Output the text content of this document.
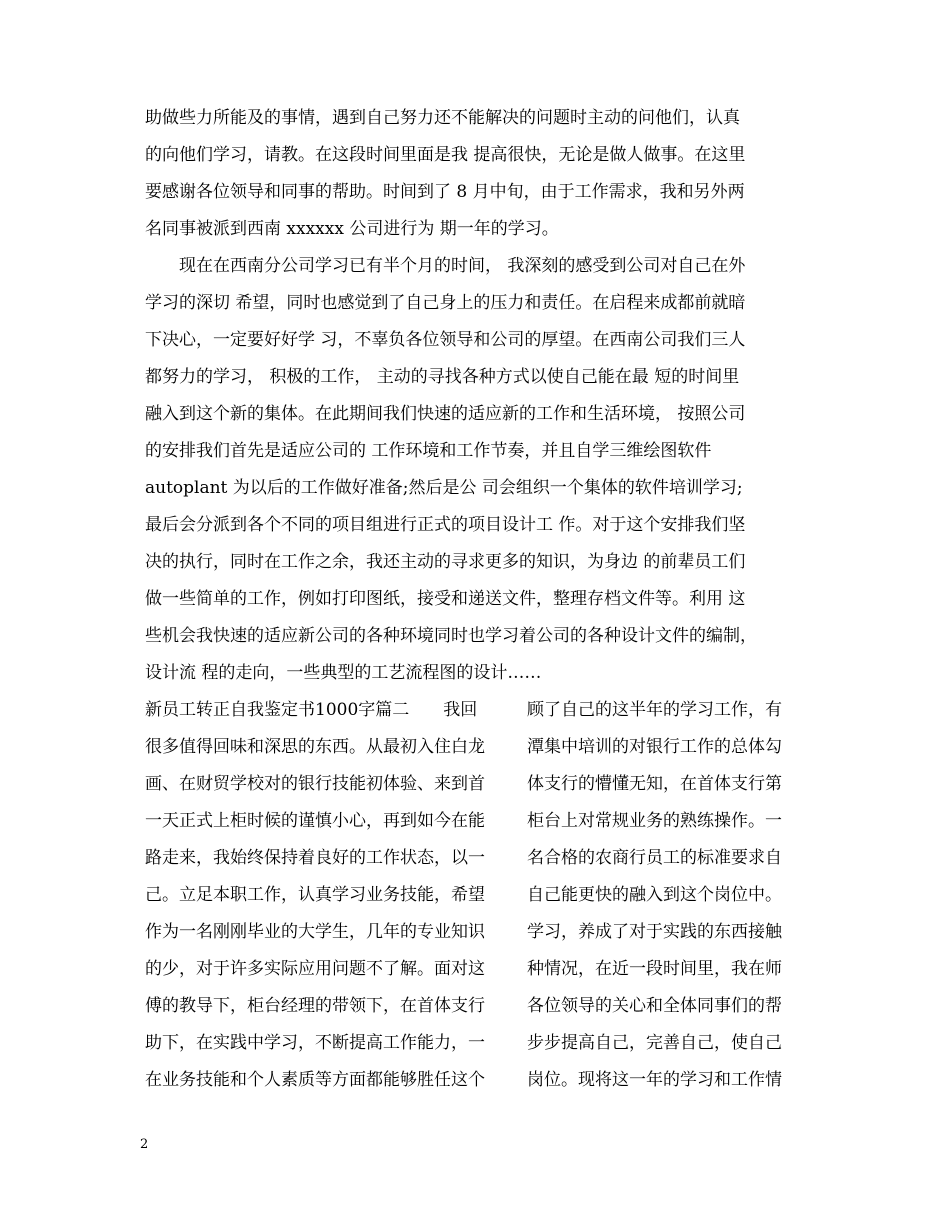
助做些力所能及的事情，遇到自己努力还不能解决的问题时主动的问他们，认真
的向他们学习，请教。在这段时间里面是我 提高很快，无论是做人做事。在这里
要感谢各位领导和同事的帮助。时间到了 8 月中旬，由于工作需求，我和另外两
名同事被派到西南 xxxxxx 公司进行为 期一年的学习。
　　现在在西南分公司学习已有半个月的时间， 我深刻的感受到公司对自己在外
学习的深切 希望，同时也感觉到了自己身上的压力和责任。在启程来成都前就暗
下决心，一定要好好学 习，不辜负各位领导和公司的厚望。在西南公司我们三人
都努力的学习， 积极的工作， 主动的寻找各种方式以使自己能在最 短的时间里
融入到这个新的集体。在此期间我们快速的适应新的工作和生活环境， 按照公司
的安排我们首先是适应公司的 工作环境和工作节奏，并且自学三维绘图软件
autoplant 为以后的工作做好准备;然后是公 司会组织一个集体的软件培训学习;
最后会分派到各个不同的项目组进行正式的项目设计工 作。对于这个安排我们坚
决的执行，同时在工作之余，我还主动的寻求更多的知识，为身边 的前辈员工们
做一些简单的工作，例如打印图纸，接受和递送文件，整理存档文件等。利用 这
些机会我快速的适应新公司的各种环境同时也学习着公司的各种设计文件的编制，
设计流 程的走向，一些典型的工艺流程图的设计……
新员工转正自我鉴定书1000字篇二　　我回	顾了自己的这半年的学习工作，有
很多值得回味和深思的东西。从最初入住白龙	潭集中培训的对银行工作的总体勾
画、在财贸学校对的银行技能初体验、来到首	体支行的懵懂无知，在首体支行第
一天正式上柜时候的谨慎小心，再到如今在能	柜台上对常规业务的熟练操作。一
路走来，我始终保持着良好的工作状态，以一	名合格的农商行员工的标准要求自
己。立足本职工作，认真学习业务技能，希望	自己能更快的融入到这个岗位中。
作为一名刚刚毕业的大学生，几年的专业知识	学习，养成了对于实践的东西接触
的少，对于许多实际应用问题不了解。面对这	种情况，在近一段时间里，我在师
傅的教导下，柜台经理的带领下，在首体支行	各位领导的关心和全体同事们的帮
助下，在实践中学习，不断提高工作能力，一	步步提高自己，完善自己，使自己
在业务技能和个人素质等方面都能够胜任这个	岗位。现将这一年的学习和工作情
2
